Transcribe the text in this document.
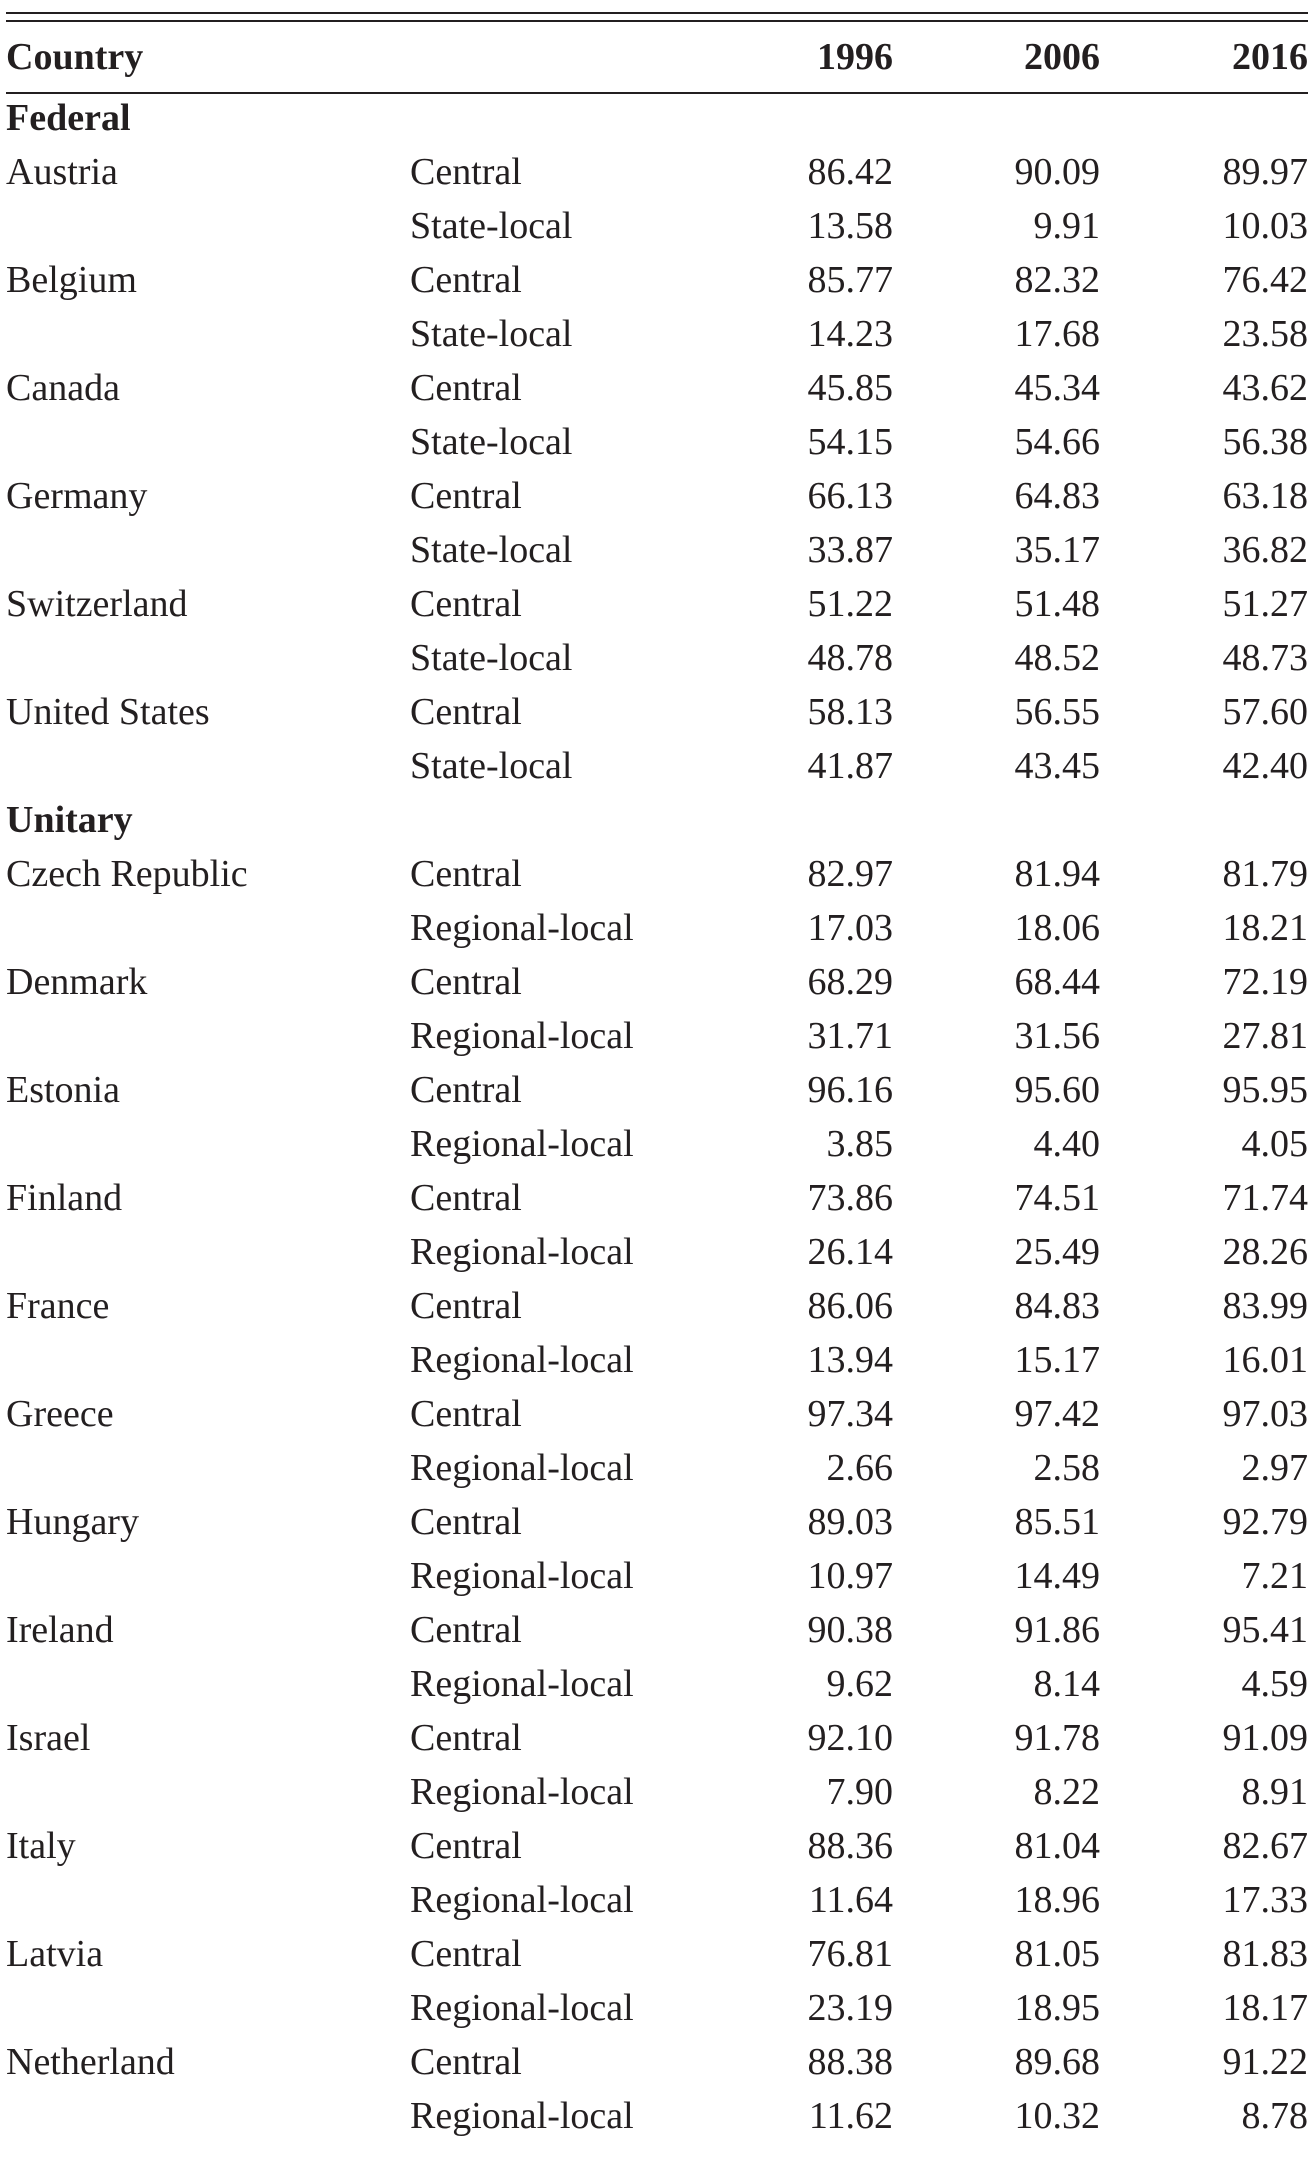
Country		1996	2006	2016
Federal				
Austria	Central	86.42	90.09	89.97
	State-local	13.58	9.91	10.03
Belgium	Central	85.77	82.32	76.42
	State-local	14.23	17.68	23.58
Canada	Central	45.85	45.34	43.62
	State-local	54.15	54.66	56.38
Germany	Central	66.13	64.83	63.18
	State-local	33.87	35.17	36.82
Switzerland	Central	51.22	51.48	51.27
	State-local	48.78	48.52	48.73
United States	Central	58.13	56.55	57.60
	State-local	41.87	43.45	42.40
Unitary				
Czech Republic	Central	82.97	81.94	81.79
	Regional-local	17.03	18.06	18.21
Denmark	Central	68.29	68.44	72.19
	Regional-local	31.71	31.56	27.81
Estonia	Central	96.16	95.60	95.95
	Regional-local	3.85	4.40	4.05
Finland	Central	73.86	74.51	71.74
	Regional-local	26.14	25.49	28.26
France	Central	86.06	84.83	83.99
	Regional-local	13.94	15.17	16.01
Greece	Central	97.34	97.42	97.03
	Regional-local	2.66	2.58	2.97
Hungary	Central	89.03	85.51	92.79
	Regional-local	10.97	14.49	7.21
Ireland	Central	90.38	91.86	95.41
	Regional-local	9.62	8.14	4.59
Israel	Central	92.10	91.78	91.09
	Regional-local	7.90	8.22	8.91
Italy	Central	88.36	81.04	82.67
	Regional-local	11.64	18.96	17.33
Latvia	Central	76.81	81.05	81.83
	Regional-local	23.19	18.95	18.17
Netherland	Central	88.38	89.68	91.22
	Regional-local	11.62	10.32	8.78
